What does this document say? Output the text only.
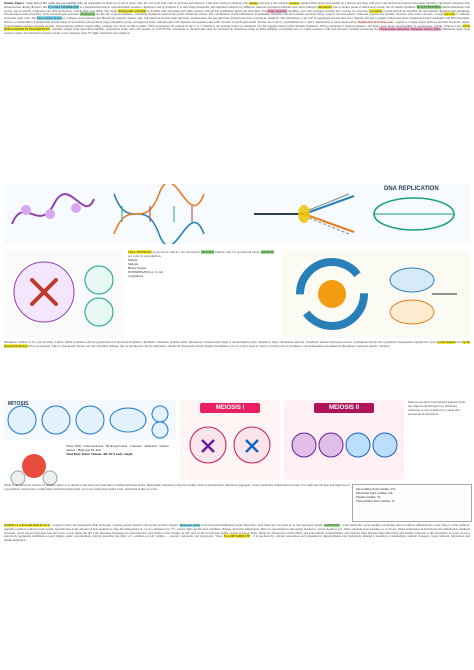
Nucleic Theory : basic unit of life, some free pre-existing cells, all organisms are made up of one or more cells; the cell is the basic unit of structure and function. Cells arise from pre-existing cells. simple cells lack a true nucleus, nucleus contains DNA and is surrounded by a nuclear envelope with pores; the nucleolus produces ribosomal subunits. Chromatin condenses into chromosomes during division. The PLASMA MEMBRANE is a phospholipid bilayer with embedded proteins, cholesterol and glycolipids; it is selectively permeable and regulates transport by diffusion, osmosis, facilitated diffusion and active transport. Ribosomes free or bound, made of rRNA and protein, site of protein synthesis. MITOCHONDRIA double membrane with cristae, site of aerobic respiration and ATP production, contain their own DNA. The rough endoplasmic reticulum is studded with ribosomes and folds proteins; smooth ER synthesizes lipids and detoxifies. The Golgi apparatus modifies, sorts and packages proteins into vesicles for secretion. lysosomes contain hydrolytic enzymes for intracellular digestion and autophagy. Peroxisomes break down fatty acids and hydrogen peroxide. chloroplasts are the site of photosynthesis, containing thylakoids stacked into grana within the stroma. The cytoskeleton of microfilaments, intermediate filaments and microtubules provides shape, support and movement; centrioles organize the spindle. Vacuoles store water and ions. A rigid cell wall of cellulose surrounds plant cells. The Extracellular matrix of collagen, proteoglycans and fibronectin supports animal cells; cell junctions include tight junctions, desmosomes and gap junctions. Prokaryotes have a nucleoid, plasmids, 70S ribosomes, a cell wall of peptidoglycan and may have flagella, pili and a capsule. Eukaryotes have membrane-bound organelles and 80S ribosomes. DNA is a double helix of antiparallel strands made of nucleotides (deoxyribose sugar, phosphate group, nitrogenous base); adenine pairs with thymine and guanine pairs with cytosine via hydrogen bonds. Purines are A and G; pyrimidines are C and T. Replication is semi-conservative. Replication in Prokaryotes : begins at a single origin; helicase unwinds the helix, single-strand binding proteins stabilize strands, topoisomerase relieves supercoiling, primase lays down an RNA primer, DNA polymerase III extends in the 5' to 3' direction, the leading strand is continuous and the lagging strand forms Okazaki fragments, DNA polymerase I replaces primers, and ligase seals nicks. Proofreading by exonuclease activity reduces errors. DNA REPLICATION IN EUKARYOTES : multiple origins form replication bubbles; polymerase alpha, delta and epsilon act with PCNA. Telomeres at chromosome ends are extended by telomerase using an RNA template, preventing loss of coding sequence with each division. Without telomerase the Chromosome shortened. Mutagens destroy DNA. Mismatch repair, base excision repair and nucleotide excision repair correct damage from UV light, chemicals and radiation.
DNA REPLICATION
CELL DIVISION: A process by which a cell reproduces; MITOSIS somatic cells for growth and repair, MEIOSIS sex cells for reproduction.
Mitosis
Meiosis
Binary fission
INTERPHASE (G1, S, G2)
Cytokinesis
Interphase consists of G1 (cell growth), S phase (DNA synthesis) and G2 (preparation for division). Prophase: chromatin condenses, spindle forms. Metaphase: chromosomes align at the metaphase plate. Anaphase: sister chromatids separate. Telophase: nuclear envelopes reform. Cytokinesis divides the cytoplasm. Checkpoints regulate the cycle; Cyclin Signals and Cyclin Dependent Kinases drive progression. The G1 checkpoint checks cell size and DNA damage, the G2 checkpoint checks replication, and the M checkpoint checks spindle attachment. Loss of control leads to cancer. Crossing over in prophase I and independent assortment in metaphase I generate genetic variation.
MEIOSIS I	MEIOSIS II
Meiosis produces four haploid gametes from one diploid cell through two divisions; reduction occurs in meiosis I, equational separation in meiosis II.
MITOSIS
Water: H2O · Polar molecule · Hydrogen bonds · Cohesion · Adhesion · Surface tension · High specific heat
Total Body Water Volume: 40L 60% body weight
Intracellular fluid volume: 25L
Interstitial fluid volume: 12L
Plasma volume: 3L
Transcellular fluid volume: 1L
Water is the universal solvent; its polarity allows it to dissolve ions and polar molecules, forming hydration shells. Hydrophilic substances dissolve readily, whereas hydrophobic substances aggregate. Water moderates temperature because of its high specific heat and high heat of vaporization; evaporative cooling helps maintain homeostasis. Ice is less dense than liquid water, insulating bodies of water.
WATER IS A POLAR MOLECULE : oxygen is more electronegative than hydrogen, creating partial negative and partial positive charges. Hydrogen bonds form between neighboring water molecules; each molecule can form up to four hydrogen bonds. COHESION : water molecules stick together, producing surface tension; adhesion lets water cling to other surfaces, enabling capillary action in plant xylem. Specific heat is the amount of heat required to raise the temperature of 1 g of a substance by 1°C; water's high specific heat stabilizes climates and body temperature. Heat of vaporization is the energy needed to convert liquid to gas. Water expands upon freezing, so ice floats. Water participates in hydrolysis and dehydration synthesis reactions. Acids release hydrogen ions and bases accept them; the pH scale measures hydrogen ion concentration, and buffers resist changes in pH, such as the bicarbonate buffer system in blood. Body fluids are divided into intracellular and extracellular compartments; extracellular fluid includes interstitial fluid and plasma. Osmosis is the movement of water across a selectively permeable membrane toward higher solute concentration; tonicity describes the effect of a solution on cell volume — isotonic, hypotonic and hypertonic. Water IS A METABOLITE : it is produced by cellular respiration and consumed in photosynthesis and hydrolysis, making it essential to metabolism, nutrient transport, waste removal, lubrication and thermoregulation.
